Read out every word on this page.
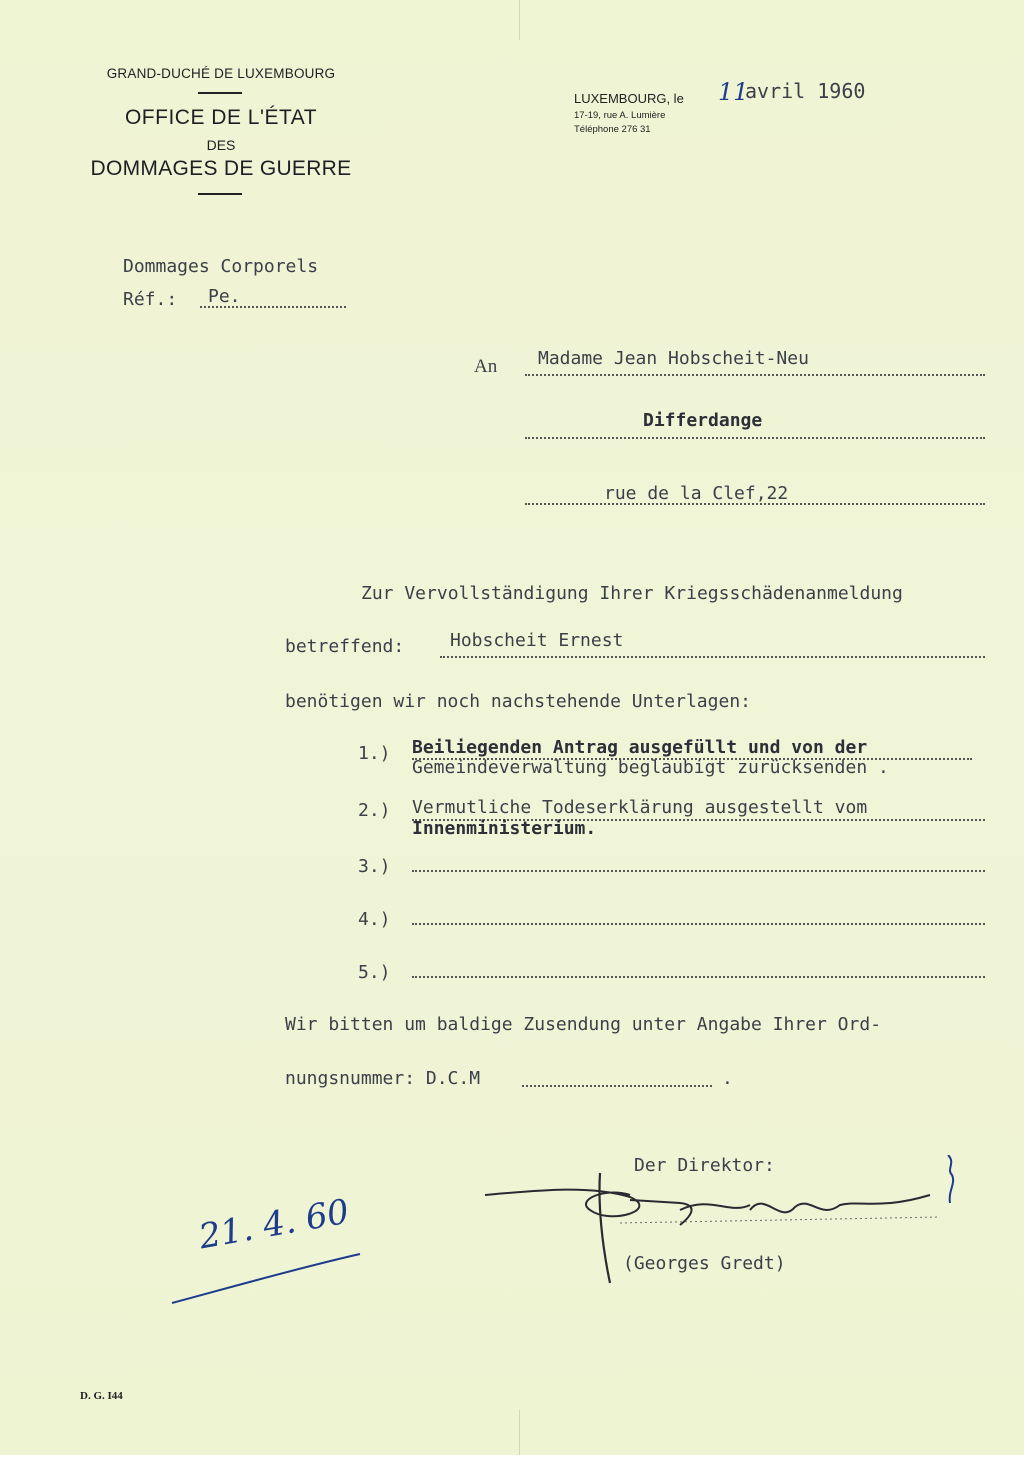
GRAND-DUCHÉ DE LUXEMBOURG
OFFICE DE L'ÉTAT
DES
DOMMAGES DE GUERRE
LUXEMBOURG, le 11
avril 1960
17-19, rue A. Lumière
Téléphone 276 31
Dommages Corporels
Réf.: Pe.
An Madame Jean Hobscheit-Neu
Differdange
rue de la Clef,22
Zur Vervollständigung Ihrer Kriegsschädenanmeldung
betreffend:	Hobscheit Ernest
benötigen wir noch nachstehende Unterlagen:
1.) Beiliegenden Antrag ausgefüllt und von der
Gemeindeverwaltung beglaubigt zurücksenden .
2.) Vermutliche Todeserklärung ausgestellt vom
Innenministerium.
3.)
4.)
5.)
Wir bitten um baldige Zusendung unter Angabe Ihrer Ord-
nungsnummer: D.C.M	.
Der Direktor:
(Georges Gredt)
21. 4. 60
D. G. I44
